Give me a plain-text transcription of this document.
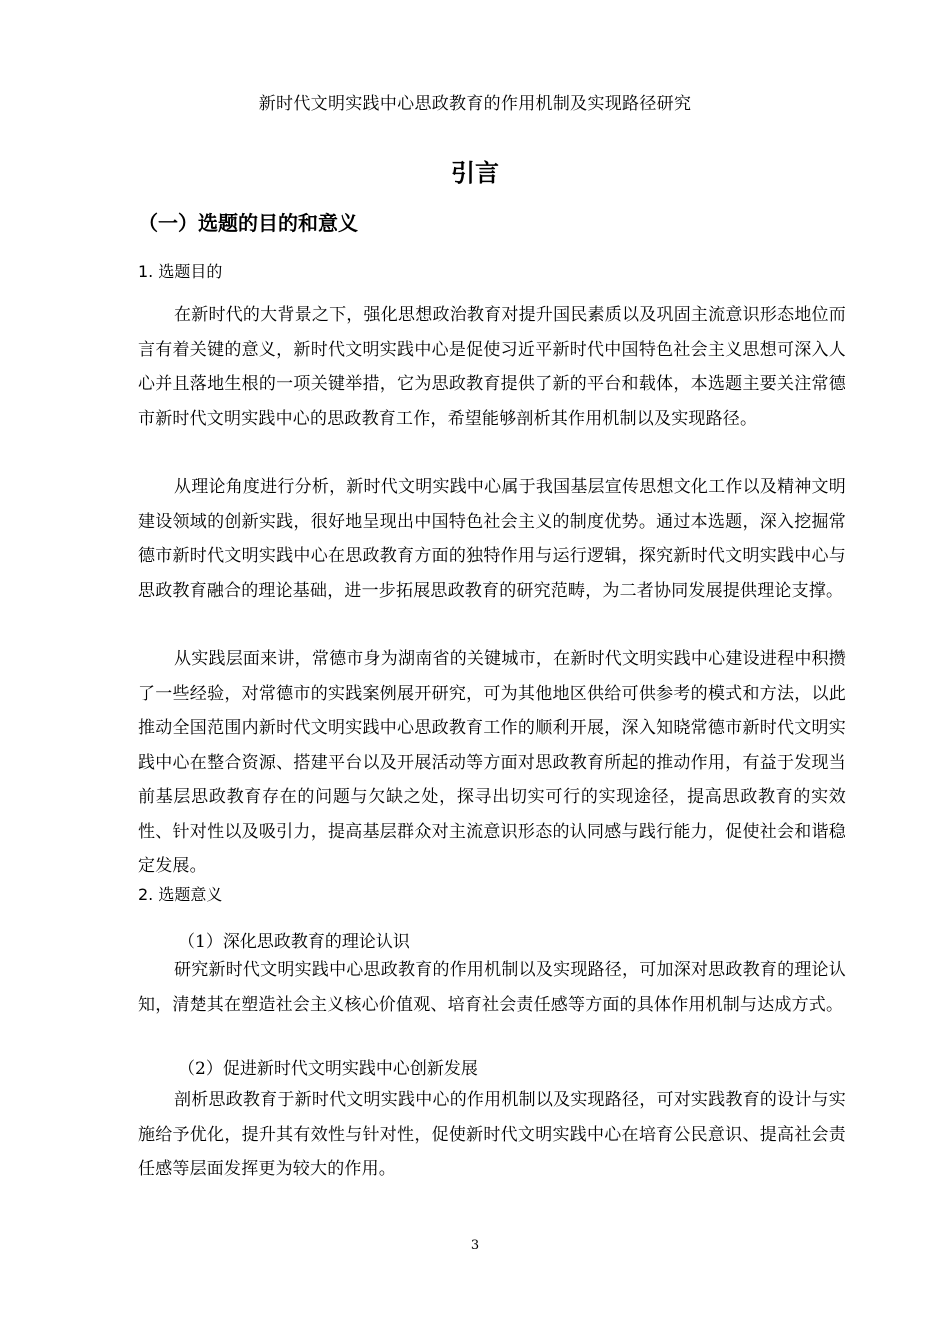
新时代文明实践中心思政教育的作用机制及实现路径研究
引言
（一）选题的目的和意义
1. 选题目的

在新时代的大背景之下，强化思想政治教育对提升国民素质以及巩固主流意识形态地位而言有着关键的意义，新时代文明实践中心是促使习近平新时代中国特色社会主义思想可深入人心并且落地生根的一项关键举措，它为思政教育提供了新的平台和载体，本选题主要关注常德市新时代文明实践中心的思政教育工作，希望能够剖析其作用机制以及实现路径。

从理论角度进行分析，新时代文明实践中心属于我国基层宣传思想文化工作以及精神文明建设领域的创新实践，很好地呈现出中国特色社会主义的制度优势。通过本选题，深入挖掘常德市新时代文明实践中心在思政教育方面的独特作用与运行逻辑，探究新时代文明实践中心与思政教育融合的理论基础，进一步拓展思政教育的研究范畴，为二者协同发展提供理论支撑。

从实践层面来讲，常德市身为湖南省的关键城市，在新时代文明实践中心建设进程中积攒了一些经验，对常德市的实践案例展开研究，可为其他地区供给可供参考的模式和方法，以此推动全国范围内新时代文明实践中心思政教育工作的顺利开展，深入知晓常德市新时代文明实践中心在整合资源、搭建平台以及开展活动等方面对思政教育所起的推动作用，有益于发现当前基层思政教育存在的问题与欠缺之处，探寻出切实可行的实现途径，提高思政教育的实效性、针对性以及吸引力，提高基层群众对主流意识形态的认同感与践行能力，促使社会和谐稳定发展。

2. 选题意义
（1）深化思政教育的理论认识

研究新时代文明实践中心思政教育的作用机制以及实现路径，可加深对思政教育的理论认知，清楚其在塑造社会主义核心价值观、培育社会责任感等方面的具体作用机制与达成方式。

（2）促进新时代文明实践中心创新发展

剖析思政教育于新时代文明实践中心的作用机制以及实现路径，可对实践教育的设计与实施给予优化，提升其有效性与针对性，促使新时代文明实践中心在培育公民意识、提高社会责任感等层面发挥更为较大的作用。

3
